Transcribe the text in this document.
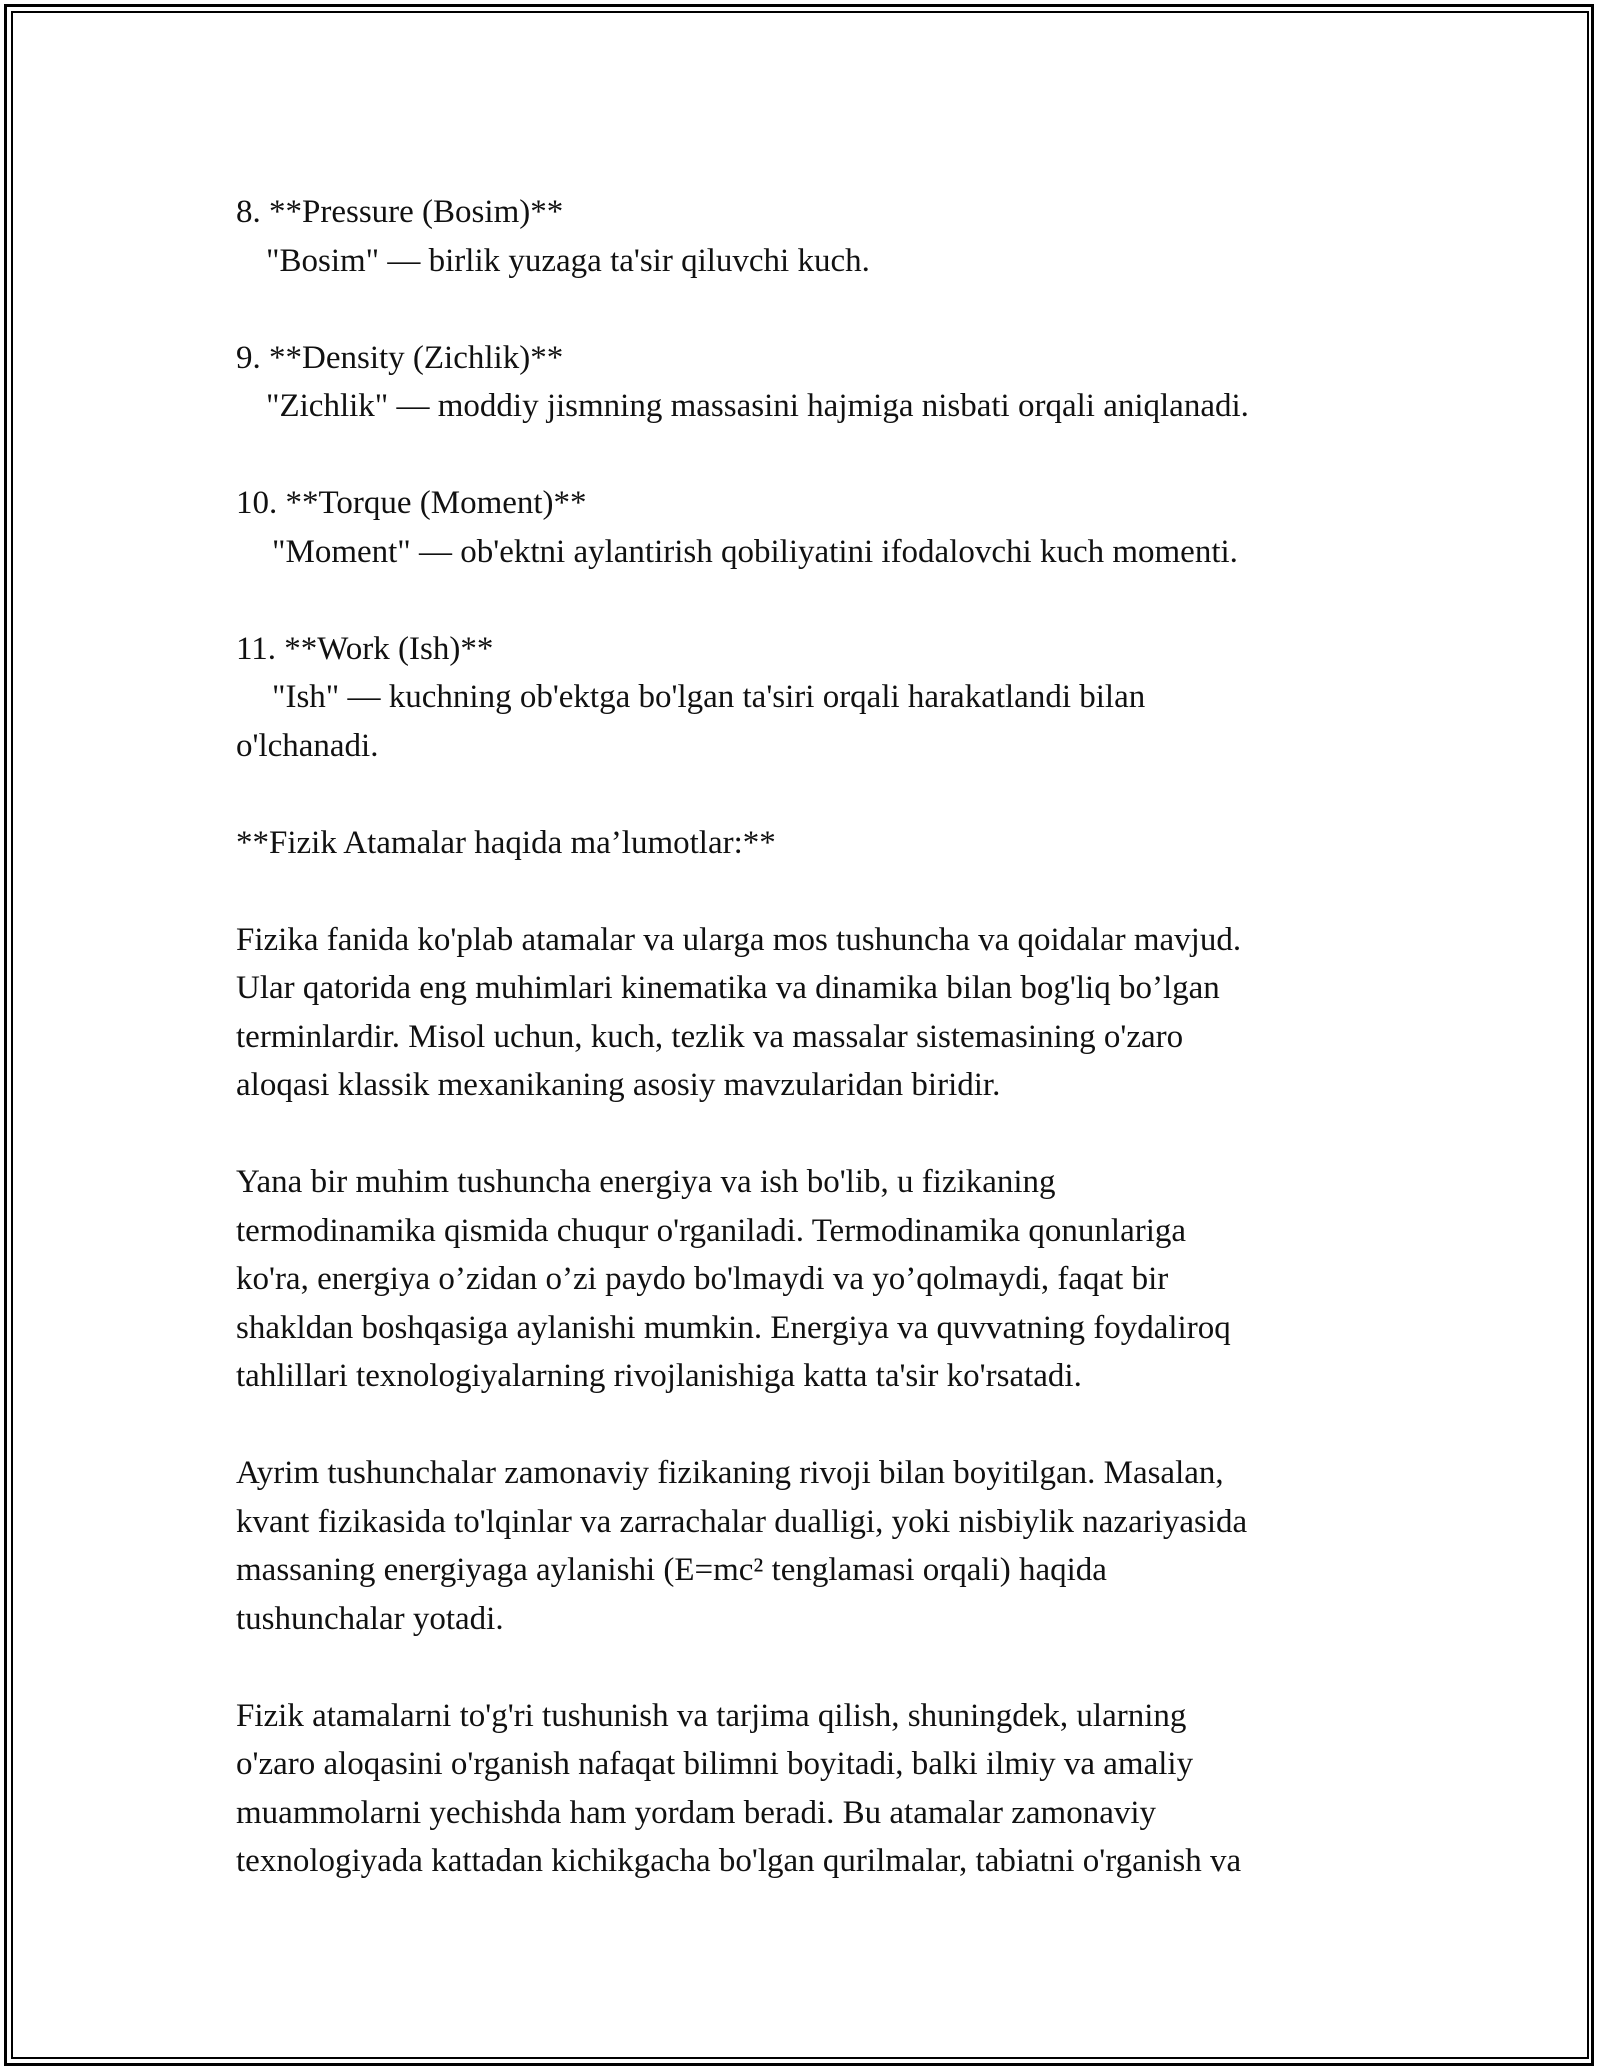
8. **Pressure (Bosim)**
"Bosim" — birlik yuzaga ta'sir qiluvchi kuch.
9. **Density (Zichlik)**
"Zichlik" — moddiy jismning massasini hajmiga nisbati orqali aniqlanadi.
10. **Torque (Moment)**
"Moment" — ob'ektni aylantirish qobiliyatini ifodalovchi kuch momenti.
11. **Work (Ish)**
"Ish" — kuchning ob'ektga bo'lgan ta'siri orqali harakatlandi bilan
o'lchanadi.
**Fizik Atamalar haqida ma’lumotlar:**
Fizika fanida ko'plab atamalar va ularga mos tushuncha va qoidalar mavjud.
Ular qatorida eng muhimlari kinematika va dinamika bilan bog'liq bo’lgan
terminlardir. Misol uchun, kuch, tezlik va massalar sistemasining o'zaro
aloqasi klassik mexanikaning asosiy mavzularidan biridir.
Yana bir muhim tushuncha energiya va ish bo'lib, u fizikaning
termodinamika qismida chuqur o'rganiladi. Termodinamika qonunlariga
ko'ra, energiya o’zidan o’zi paydo bo'lmaydi va yo’qolmaydi, faqat bir
shakldan boshqasiga aylanishi mumkin. Energiya va quvvatning foydaliroq
tahlillari texnologiyalarning rivojlanishiga katta ta'sir ko'rsatadi.
Ayrim tushunchalar zamonaviy fizikaning rivoji bilan boyitilgan. Masalan,
kvant fizikasida to'lqinlar va zarrachalar dualligi, yoki nisbiylik nazariyasida
massaning energiyaga aylanishi (E=mc² tenglamasi orqali) haqida
tushunchalar yotadi.
Fizik atamalarni to'g'ri tushunish va tarjima qilish, shuningdek, ularning
o'zaro aloqasini o'rganish nafaqat bilimni boyitadi, balki ilmiy va amaliy
muammolarni yechishda ham yordam beradi. Bu atamalar zamonaviy
texnologiyada kattadan kichikgacha bo'lgan qurilmalar, tabiatni o'rganish va
